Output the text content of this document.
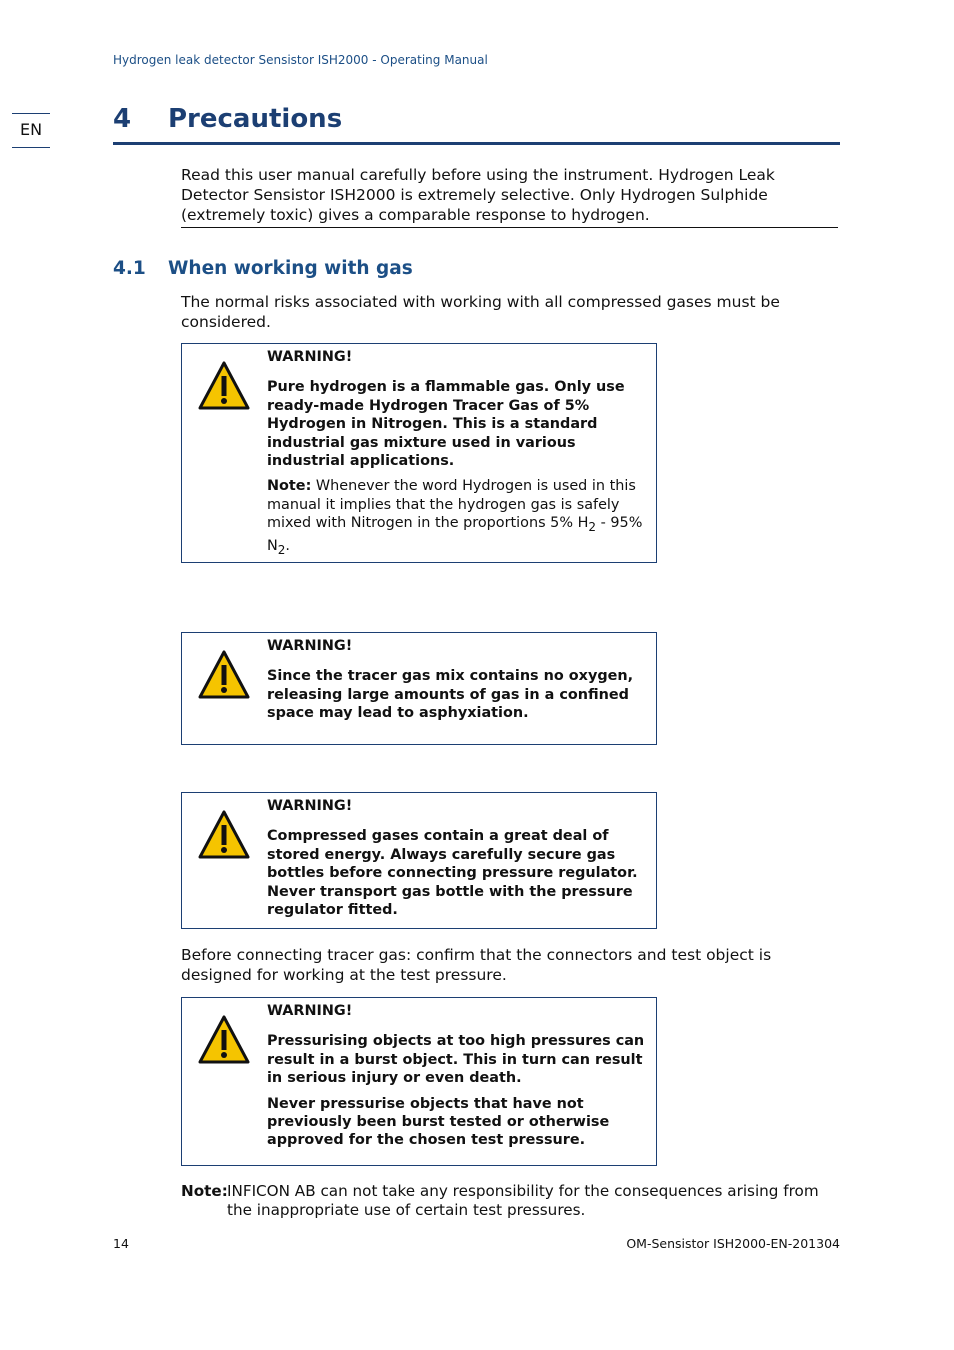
Hydrogen leak detector Sensistor ISH2000 - Operating Manual
EN	4 Precautions
Read this user manual carefully before using the instrument. Hydrogen Leak Detector Sensistor ISH2000 is extremely selective. Only Hydrogen Sulphide (extremely toxic) gives a comparable response to hydrogen.
4.1 When working with gas
The normal risks associated with working with all compressed gases must be considered.
WARNING!
Pure hydrogen is a flammable gas. Only use ready-made Hydrogen Tracer Gas of 5% Hydrogen in Nitrogen. This is a standard industrial gas mixture used in various industrial applications.
Note: Whenever the word Hydrogen is used in this manual it implies that the hydrogen gas is safely mixed with Nitrogen in the proportions 5% $H_2 - 95\%$ $N_2$.
WARNING!
Since the tracer gas mix contains no oxygen, releasing large amounts of gas in a confined space may lead to asphyxiation.
WARNING!
Compressed gases contain a great deal of stored energy. Always carefully secure gas bottles before connecting pressure regulator. Never transport gas bottle with the pressure regulator fitted.
Before connecting tracer gas: confirm that the connectors and test object is designed for working at the test pressure.
WARNING!
Pressurising objects at too high pressures can result in a burst object. This in turn can result in serious injury or even death.
Never pressurise objects that have not previously been burst tested or otherwise approved for the chosen test pressure.
Note: INFICON AB can not take any responsibility for the consequences arising from the inappropriate use of certain test pressures.
14	OM-Sensistor ISH2000-EN-201304
